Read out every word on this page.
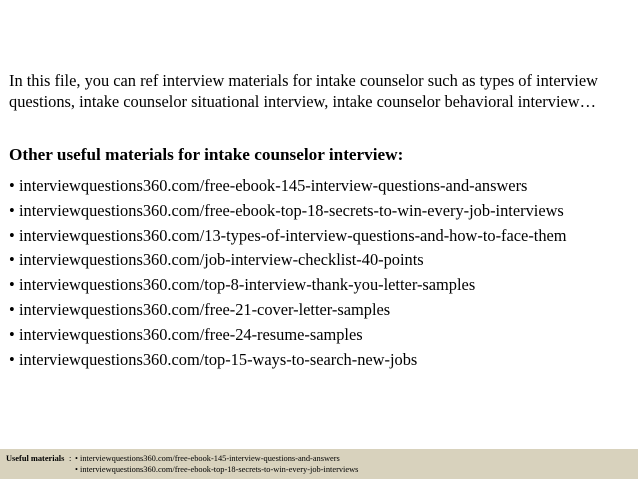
In this file, you can ref interview materials for intake counselor such as types of interview questions, intake counselor situational interview, intake counselor behavioral interview…

Other useful materials for intake counselor interview:

• interviewquestions360.com/free-ebook-145-interview-questions-and-answers
• interviewquestions360.com/free-ebook-top-18-secrets-to-win-every-job-interviews
• interviewquestions360.com/13-types-of-interview-questions-and-how-to-face-them
• interviewquestions360.com/job-interview-checklist-40-points
• interviewquestions360.com/top-8-interview-thank-you-letter-samples
• interviewquestions360.com/free-21-cover-letter-samples
• interviewquestions360.com/free-24-resume-samples
• interviewquestions360.com/top-15-ways-to-search-new-jobs
Useful materials : • interviewquestions360.com/free-ebook-145-interview-questions-and-answers
• interviewquestions360.com/free-ebook-top-18-secrets-to-win-every-job-interviews
